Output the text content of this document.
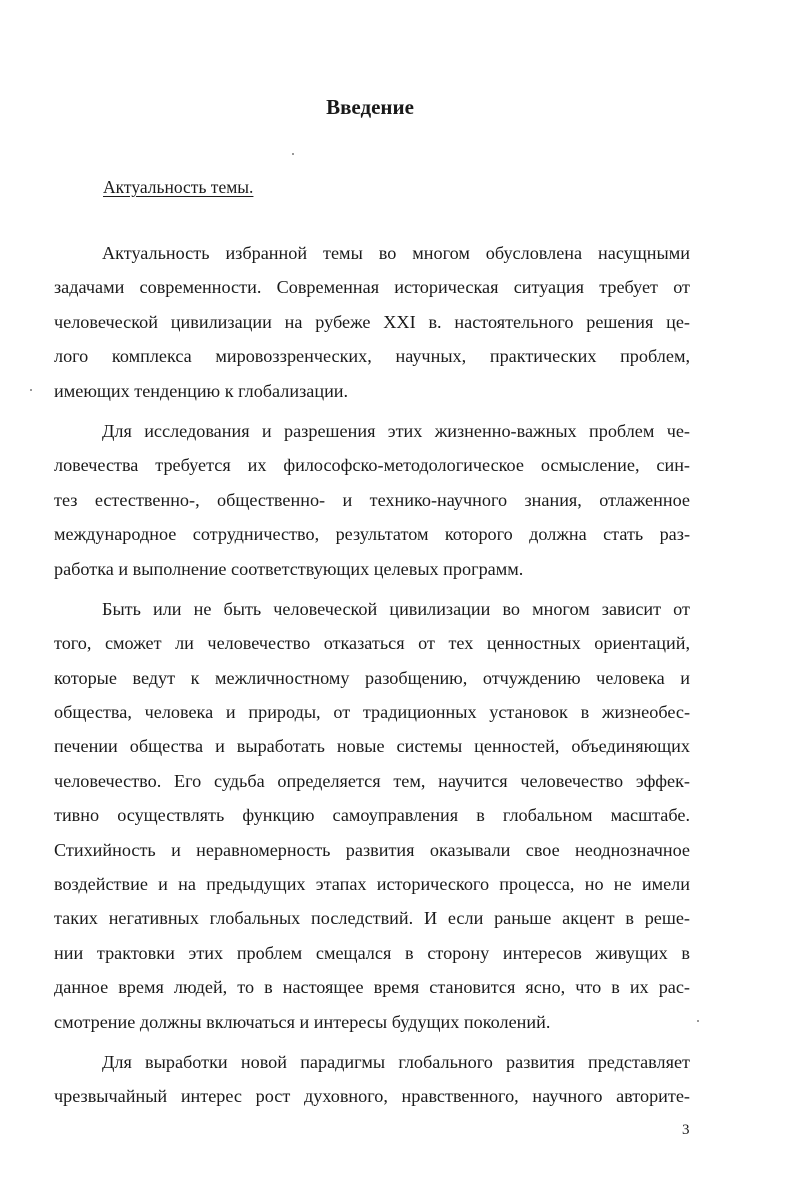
Введение
Актуальность темы.
Актуальность избранной темы во многом обусловлена насущными
задачами современности. Современная историческая ситуация требует от
человеческой цивилизации на рубеже XXI в. настоятельного решения це-
лого комплекса мировоззренческих, научных, практических проблем,
имеющих тенденцию к глобализации.
Для исследования и разрешения этих жизненно-важных проблем че-
ловечества требуется их философско-методологическое осмысление, син-
тез естественно-, общественно- и технико-научного знания, отлаженное
международное сотрудничество, результатом которого должна стать раз-
работка и выполнение соответствующих целевых программ.
Быть или не быть человеческой цивилизации во многом зависит от
того, сможет ли человечество отказаться от тех ценностных ориентаций,
которые ведут к межличностному разобщению, отчуждению человека и
общества, человека и природы, от традиционных установок в жизнеобес-
печении общества и выработать новые системы ценностей, объединяющих
человечество. Его судьба определяется тем, научится человечество эффек-
тивно осуществлять функцию самоуправления в глобальном масштабе.
Стихийность и неравномерность развития оказывали свое неоднозначное
воздействие и на предыдущих этапах исторического процесса, но не имели
таких негативных глобальных последствий. И если раньше акцент в реше-
нии трактовки этих проблем смещался в сторону интересов живущих в
данное время людей, то в настоящее время становится ясно, что в их рас-
смотрение должны включаться и интересы будущих поколений.
Для выработки новой парадигмы глобального развития представляет
чрезвычайный интерес рост духовного, нравственного, научного авторите-
3
